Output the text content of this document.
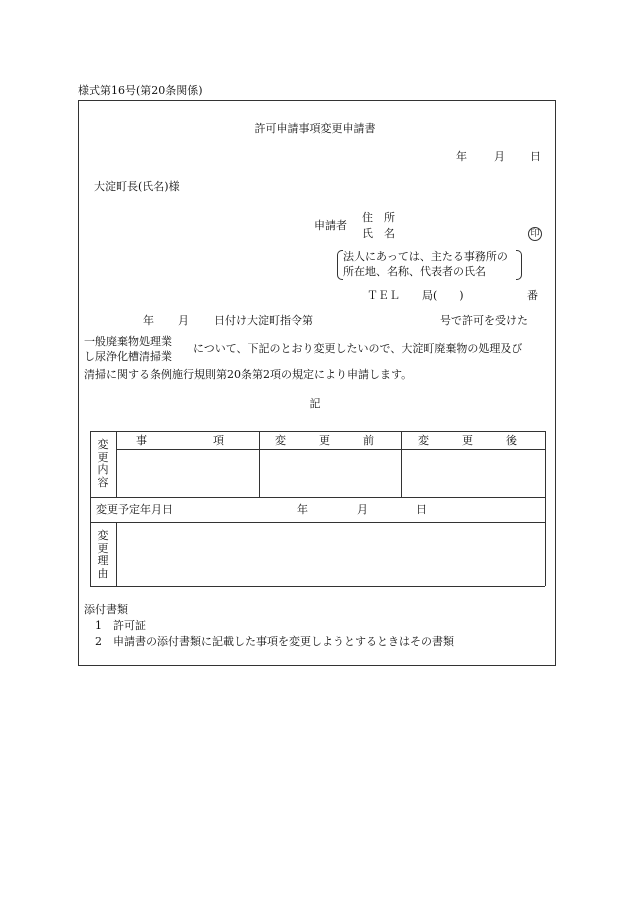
様式第16号(第20条関係)
許可申請事項変更申請書
年 月 日
大淀町長(氏名)様
申請者
住　所
氏　名	印
法人にあっては、主たる事務所の
所在地、名称、代表者の氏名
ＴＥＬ 局(　　)	番
年 月 日付け大淀町指令第	号で許可を受けた
一般廃棄物処理業
し尿浄化槽清掃業
について、下記のとおり変更したいので、大淀町廃棄物の処理及び
清掃に関する条例施行規則第20条第2項の規定により申請します。
記
変更内容
事　　　　　　項	変　　　更　　　前	変　　　更　　　後
変更予定年月日	年	月	日
変更理由
添付書類
1 許可証
2 申請書の添付書類に記載した事項を変更しようとするときはその書類
